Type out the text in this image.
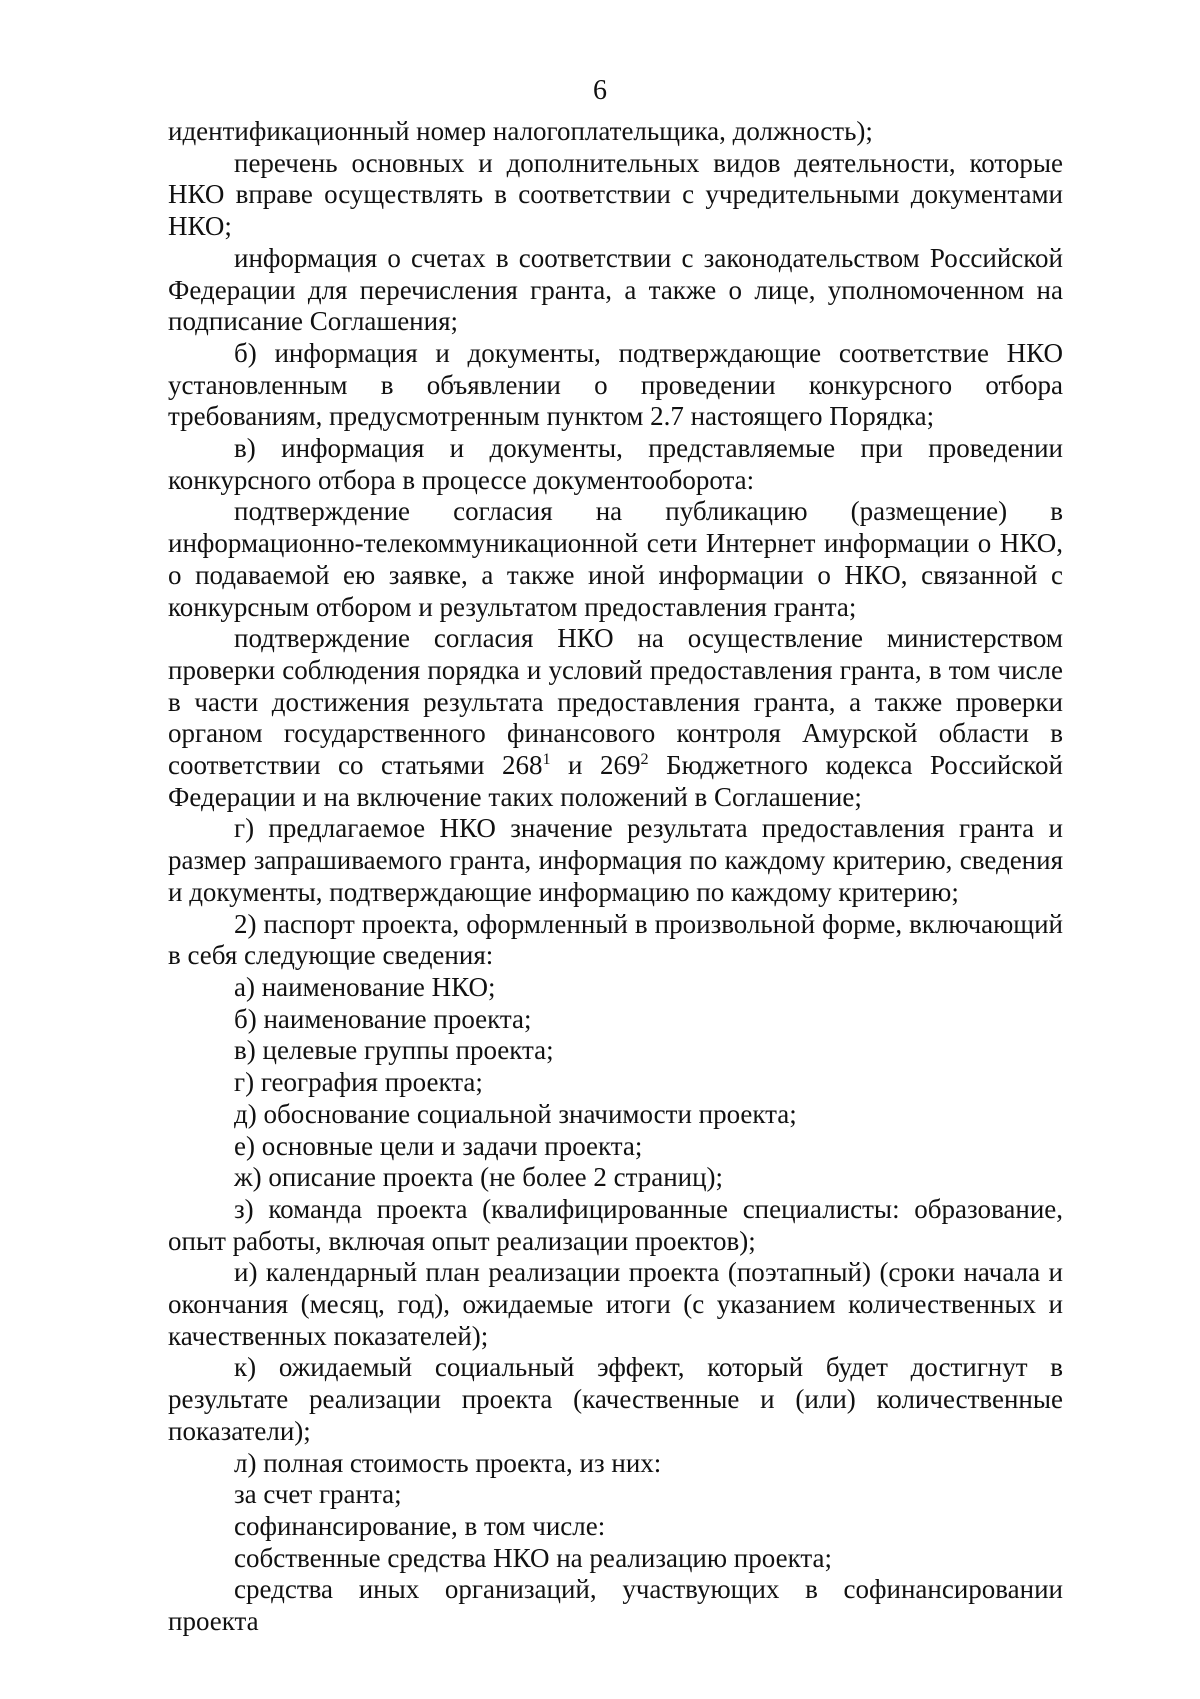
6

идентификационный номер налогоплательщика, должность);

перечень основных и дополнительных видов деятельности, которые НКО вправе осуществлять в соответствии с учредительными документами НКО;

информация о счетах в соответствии с законодательством Российской Федерации для перечисления гранта, а также о лице, уполномоченном на подписание Соглашения;

б) информация и документы, подтверждающие соответствие НКО установленным в объявлении о проведении конкурсного отбора требованиям, предусмотренным пунктом 2.7 настоящего Порядка;

в) информация и документы, представляемые при проведении конкурсного отбора в процессе документооборота:

подтверждение согласия на публикацию (размещение) в информационно-телекоммуникационной сети Интернет информации о НКО, о подаваемой ею заявке, а также иной информации о НКО, связанной с конкурсным отбором и результатом предоставления гранта;

подтверждение согласия НКО на осуществление министерством проверки соблюдения порядка и условий предоставления гранта, в том числе в части достижения результата предоставления гранта, а также проверки органом государственного финансового контроля Амурской области в соответствии со статьями $268^1$ и $269^2$ Бюджетного кодекса Российской Федерации и на включение таких положений в Соглашение;

г) предлагаемое НКО значение результата предоставления гранта и размер запрашиваемого гранта, информация по каждому критерию, сведения и документы, подтверждающие информацию по каждому критерию;

2) паспорт проекта, оформленный в произвольной форме, включающий в себя следующие сведения:

а) наименование НКО;

б) наименование проекта;

в) целевые группы проекта;

г) география проекта;

д) обоснование социальной значимости проекта;

е) основные цели и задачи проекта;

ж) описание проекта (не более 2 страниц);

з) команда проекта (квалифицированные специалисты: образование, опыт работы, включая опыт реализации проектов);

и) календарный план реализации проекта (поэтапный) (сроки начала и окончания (месяц, год), ожидаемые итоги (с указанием количественных и качественных показателей);

к) ожидаемый социальный эффект, который будет достигнут в результате реализации проекта (качественные и (или) количественные показатели);

л) полная стоимость проекта, из них:

за счет гранта;

софинансирование, в том числе:

собственные средства НКО на реализацию проекта;

средства иных организаций, участвующих в софинансировании проекта
